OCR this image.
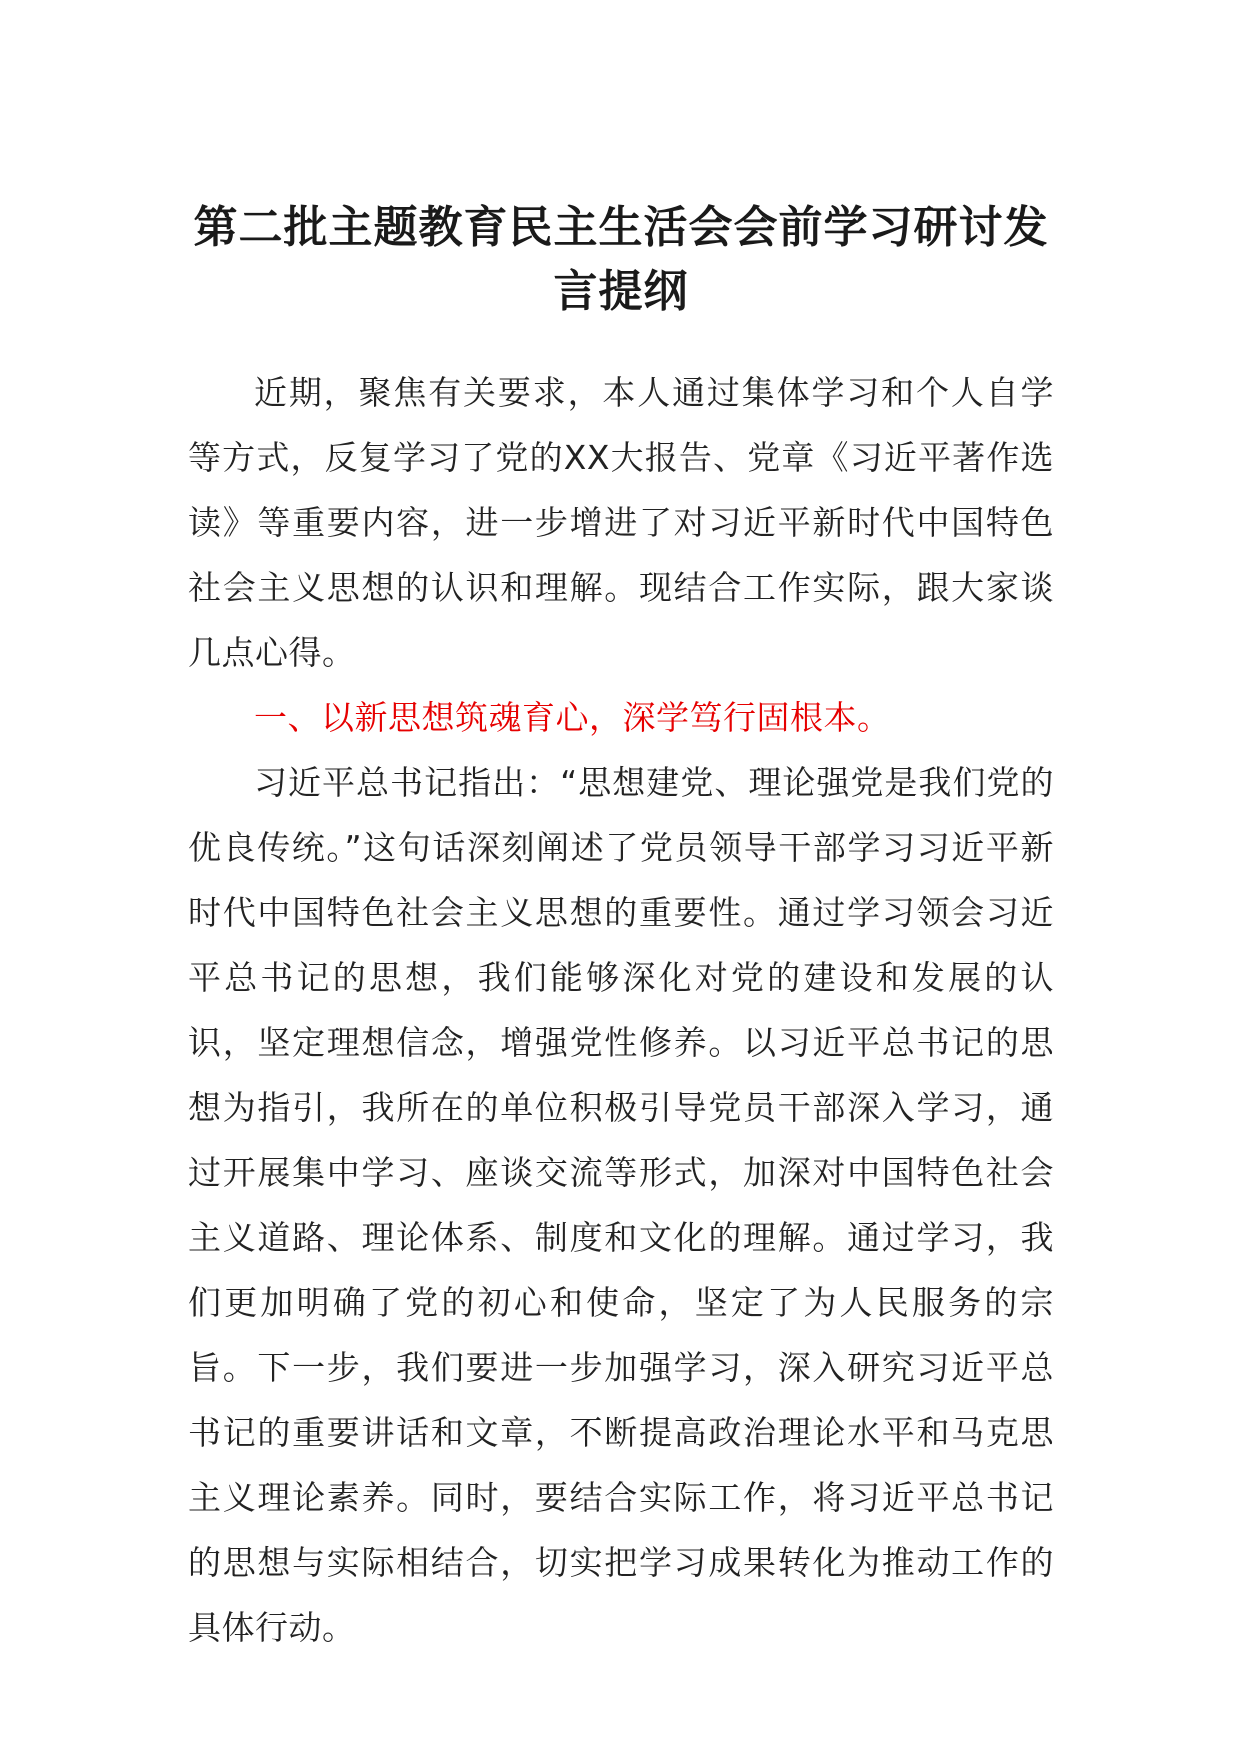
第二批主题教育民主生活会会前学习研讨发言提纲

近期，聚焦有关要求，本人通过集体学习和个人自学等方式，反复学习了党的XX大报告、党章《习近平著作选读》等重要内容，进一步增进了对习近平新时代中国特色社会主义思想的认识和理解。现结合工作实际，跟大家谈几点心得。

一、以新思想筑魂育心，深学笃行固根本。

习近平总书记指出：“思想建党、理论强党是我们党的优良传统。”这句话深刻阐述了党员领导干部学习习近平新时代中国特色社会主义思想的重要性。通过学习领会习近平总书记的思想，我们能够深化对党的建设和发展的认识，坚定理想信念，增强党性修养。以习近平总书记的思想为指引，我所在的单位积极引导党员干部深入学习，通过开展集中学习、座谈交流等形式，加深对中国特色社会主义道路、理论体系、制度和文化的理解。通过学习，我们更加明确了党的初心和使命，坚定了为人民服务的宗旨。下一步，我们要进一步加强学习，深入研究习近平总书记的重要讲话和文章，不断提高政治理论水平和马克思主义理论素养。同时，要结合实际工作，将习近平总书记的思想与实际相结合，切实把学习成果转化为推动工作的具体行动。
